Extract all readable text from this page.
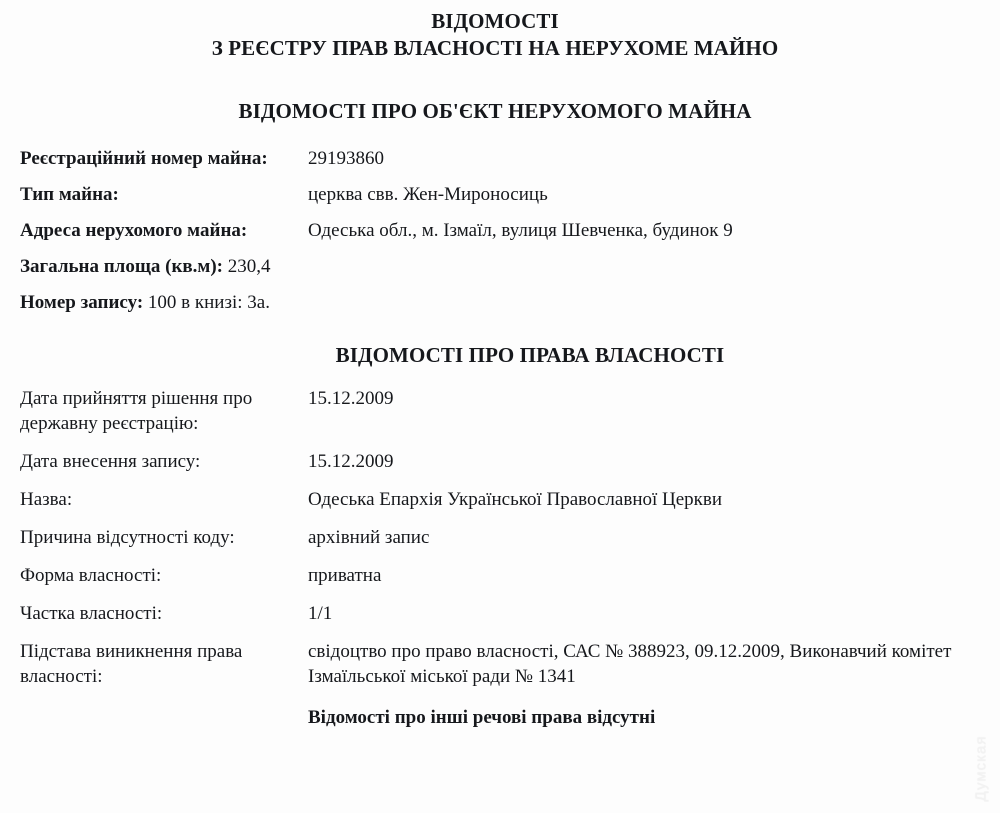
ВІДОМОСТІ
З РЕЄСТРУ ПРАВ ВЛАСНОСТІ НА НЕРУХОМЕ МАЙНО
ВІДОМОСТІ ПРО ОБ'ЄКТ НЕРУХОМОГО МАЙНА
Реєстраційний номер майна:	29193860
Тип майна:	церква свв. Жен-Мироносиць
Адреса нерухомого майна:	Одеська обл., м. Ізмаїл, вулиця Шевченка, будинок 9
Загальна площа (кв.м): 230,4
Номер запису: 100 в книзі: 3а.
ВІДОМОСТІ ПРО ПРАВА ВЛАСНОСТІ
Дата прийняття рішення про державну реєстрацію:
15.12.2009
Дата внесення запису:	15.12.2009
Назва:	Одеська Епархія Української Православної Церкви
Причина відсутності коду:	архівний запис
Форма власності:	приватна
Частка власності:	1/1
Підстава виникнення права власності:
свідоцтво про право власності, САС № 388923, 09.12.2009, Виконавчий комітет Ізмаїльської міської ради № 1341
Відомості про інші речові права відсутні
Думская
